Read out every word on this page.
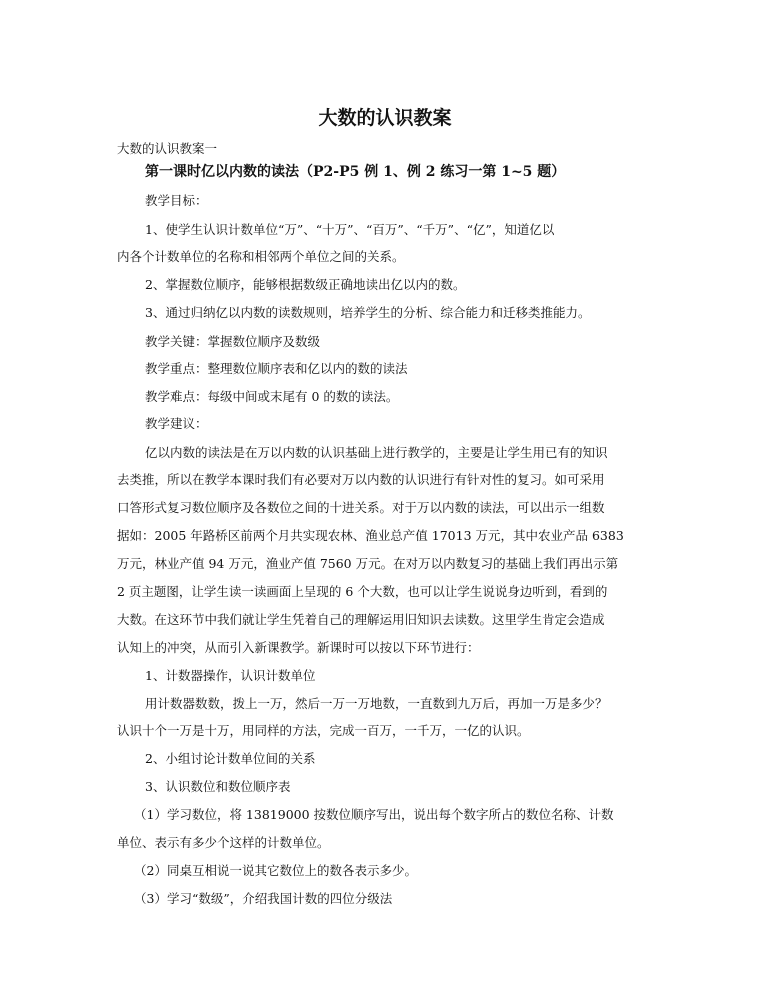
大数的认识教案
大数的认识教案一
第一课时亿以内数的读法（P2-P5 例 1、例 2 练习一第 1~5 题）
教学目标：
1、使学生认识计数单位“万”、“十万”、“百万”、“千万”、“亿”，知道亿以
内各个计数单位的名称和相邻两个单位之间的关系。
2、掌握数位顺序，能够根据数级正确地读出亿以内的数。
3、通过归纳亿以内数的读数规则，培养学生的分析、综合能力和迁移类推能力。
教学关键：掌握数位顺序及数级
教学重点：整理数位顺序表和亿以内的数的读法
教学难点：每级中间或末尾有 0 的数的读法。
教学建议：
亿以内数的读法是在万以内数的认识基础上进行教学的，主要是让学生用已有的知识
去类推，所以在教学本课时我们有必要对万以内数的认识进行有针对性的复习。如可采用
口答形式复习数位顺序及各数位之间的十进关系。对于万以内数的读法，可以出示一组数
据如：2005 年路桥区前两个月共实现农林、渔业总产值 17013 万元，其中农业产品 6383
万元，林业产值 94 万元，渔业产值 7560 万元。在对万以内数复习的基础上我们再出示第
2 页主题图，让学生读一读画面上呈现的 6 个大数，也可以让学生说说身边听到，看到的
大数。在这环节中我们就让学生凭着自己的理解运用旧知识去读数。这里学生肯定会造成
认知上的冲突，从而引入新课教学。新课时可以按以下环节进行：
1、计数器操作，认识计数单位
用计数器数数，拨上一万，然后一万一万地数，一直数到九万后，再加一万是多少？
认识十个一万是十万，用同样的方法，完成一百万，一千万，一亿的认识。
2、小组讨论计数单位间的关系
3、认识数位和数位顺序表
（1）学习数位，将 13819000 按数位顺序写出，说出每个数字所占的数位名称、计数
单位、表示有多少个这样的计数单位。
（2）同桌互相说一说其它数位上的数各表示多少。
（3）学习“数级”，介绍我国计数的四位分级法
